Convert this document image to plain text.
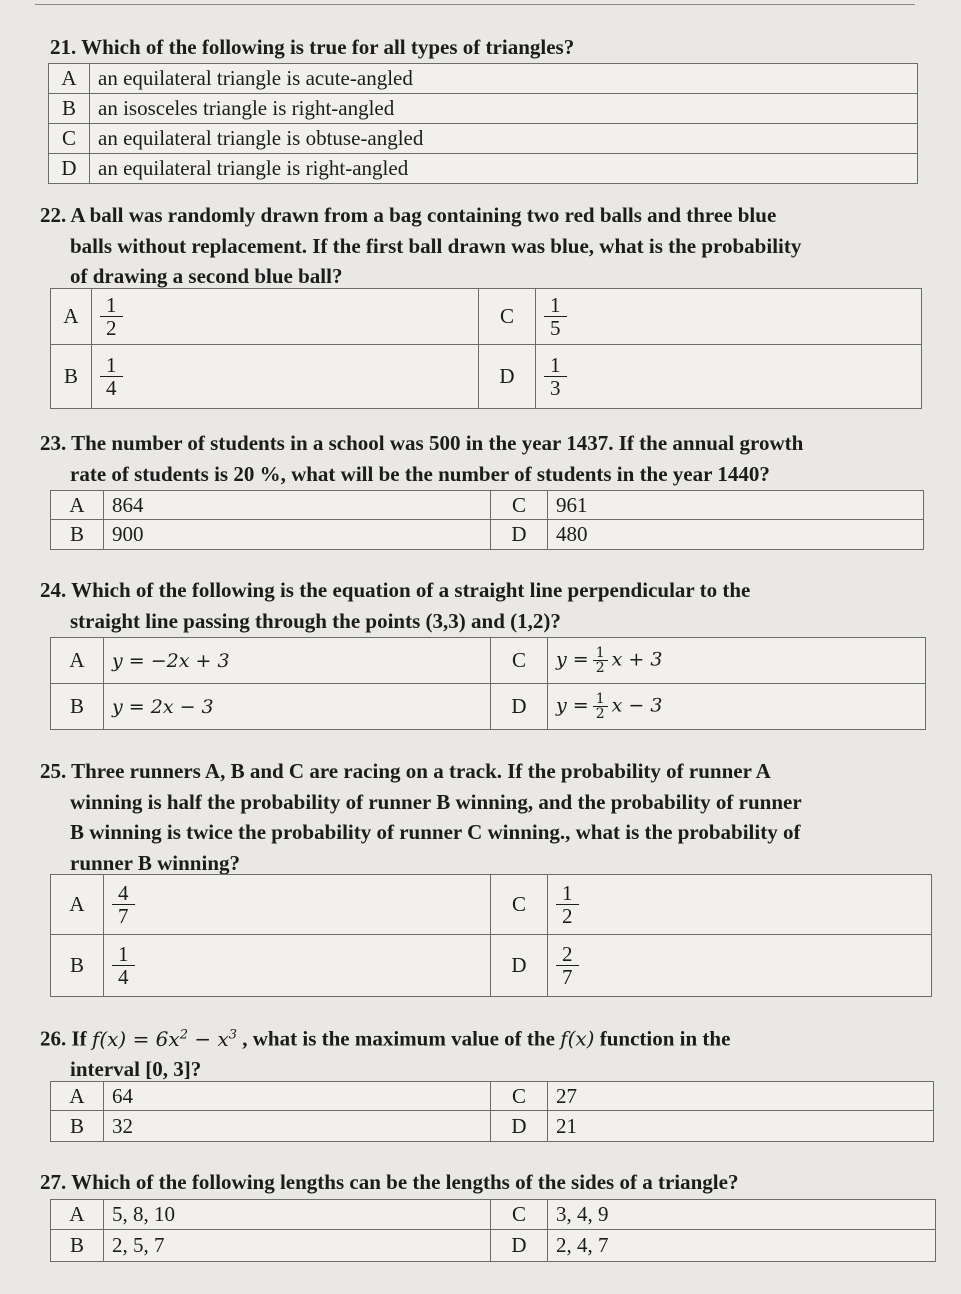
21. Which of the following is true for all types of triangles?
A	an equilateral triangle is acute-angled
B	an isosceles triangle is right-angled
C	an equilateral triangle is obtuse-angled
D	an equilateral triangle is right-angled
22. A ball was randomly drawn from a bag containing two red balls and three blue
balls without replacement. If the first ball drawn was blue, what is the probability
of drawing a second blue ball?
A	$\frac{1}{2}$	C	$\frac{1}{5}$

B	$\frac{1}{4}$	D	$\frac{1}{3}$
23. The number of students in a school was 500 in the year 1437. If the annual growth
rate of students is 20 %, what will be the number of students in the year 1440?
A	864	C	961
B	900	D	480
24. Which of the following is the equation of a straight line perpendicular to the
straight line passing through the points (3,3) and (1,2)?
A	y = −2x + 3	C	$y = \frac{1}{2}$ x + 3
B	y = 2x − 3	D	$y = \frac{1}{2}$ x − 3
25. Three runners A, B and C are racing on a track. If the probability of runner A
winning is half the probability of runner B winning, and the probability of runner
B winning is twice the probability of runner C winning., what is the probability of
runner B winning?
A	$\frac{4}{7}$	C	$\frac{1}{2}$

B	$\frac{1}{4}$	D	$\frac{2}{7}$
26. If $f(x) = 6x^2 - x^3$ , what is the maximum value of the f(x) function in the
interval [0, 3]?
A	64	C	27
B	32	D	21
27. Which of the following lengths can be the lengths of the sides of a triangle?
A	5, 8, 10	C	3, 4, 9
B	2, 5, 7	D	2, 4, 7
